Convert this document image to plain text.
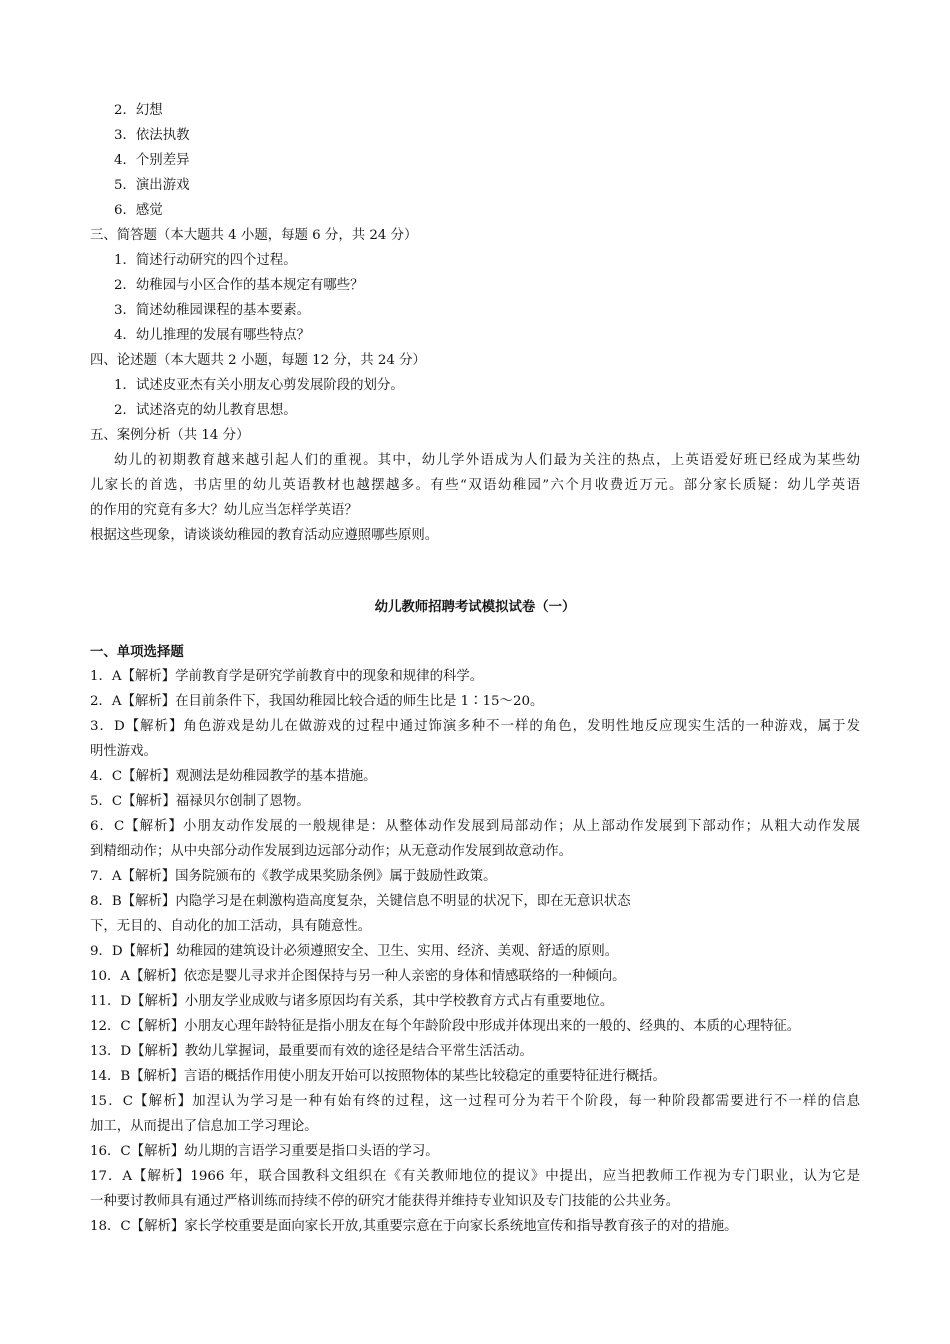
2．幻想
3．依法执教
4．个别差异
5．演出游戏
6．感觉
三、简答题（本大题共 4 小题，每题 6 分，共 24 分）
1．简述行动研究的四个过程。
2．幼稚园与小区合作的基本规定有哪些？
3．简述幼稚园课程的基本要素。
4．幼儿推理的发展有哪些特点？
四、论述题（本大题共 2 小题，每题 12 分，共 24 分）
1．试述皮亚杰有关小朋友心剪发展阶段的划分。
2．试述洛克的幼儿教育思想。
五、案例分析（共 14 分）
幼儿的初期教育越来越引起人们的重视。其中，幼儿学外语成为人们最为关注的热点，上英语爱好班已经成为某些幼
儿家长的首选，书店里的幼儿英语教材也越摆越多。有些“双语幼稚园”六个月收费近万元。部分家长质疑：幼儿学英语
的作用的究竟有多大？幼儿应当怎样学英语？
根据这些现象，请谈谈幼稚园的教育活动应遵照哪些原则。
幼儿教师招聘考试模拟试卷（一）
一、单项选择题
1．A【解析】学前教育学是研究学前教育中的现象和规律的科学。
2．A【解析】在目前条件下，我国幼稚园比较合适的师生比是 1∶15～20。
3．D【解析】角色游戏是幼儿在做游戏的过程中通过饰演多种不一样的角色，发明性地反应现实生活的一种游戏，属于发
明性游戏。
4．C【解析】观测法是幼稚园教学的基本措施。
5．C【解析】福禄贝尔创制了恩物。
6．C【解析】小朋友动作发展的一般规律是：从整体动作发展到局部动作；从上部动作发展到下部动作；从粗大动作发展
到精细动作；从中央部分动作发展到边远部分动作；从无意动作发展到故意动作。
7．A【解析】国务院颁布的《教学成果奖励条例》属于鼓励性政策。
8．B【解析】内隐学习是在刺激构造高度复杂，关键信息不明显的状况下，即在无意识状态
下，无目的、自动化的加工活动，具有随意性。
9．D【解析】幼稚园的建筑设计必须遵照安全、卫生、实用、经济、美观、舒适的原则。
10．A【解析】依恋是婴儿寻求并企图保持与另一种人亲密的身体和情感联络的一种倾向。
11．D【解析】小朋友学业成败与诸多原因均有关系，其中学校教育方式占有重要地位。
12．C【解析】小朋友心理年龄特征是指小朋友在每个年龄阶段中形成并体现出来的一般的、经典的、本质的心理特征。
13．D【解析】教幼儿掌握词，最重要而有效的途径是结合平常生活活动。
14．B【解析】言语的概括作用使小朋友开始可以按照物体的某些比较稳定的重要特征进行概括。
15．C【解析】加涅认为学习是一种有始有终的过程，这一过程可分为若干个阶段，每一种阶段都需要进行不一样的信息
加工，从而提出了信息加工学习理论。
16．C【解析】幼儿期的言语学习重要是指口头语的学习。
17．A【解析】1966 年，联合国教科文组织在《有关教师地位的提议》中提出，应当把教师工作视为专门职业，认为它是
一种要讨教师具有通过严格训练而持续不停的研究才能获得并维持专业知识及专门技能的公共业务。
18．C【解析】家长学校重要是面向家长开放,其重要宗意在于向家长系统地宣传和指导教育孩子的对的措施。
